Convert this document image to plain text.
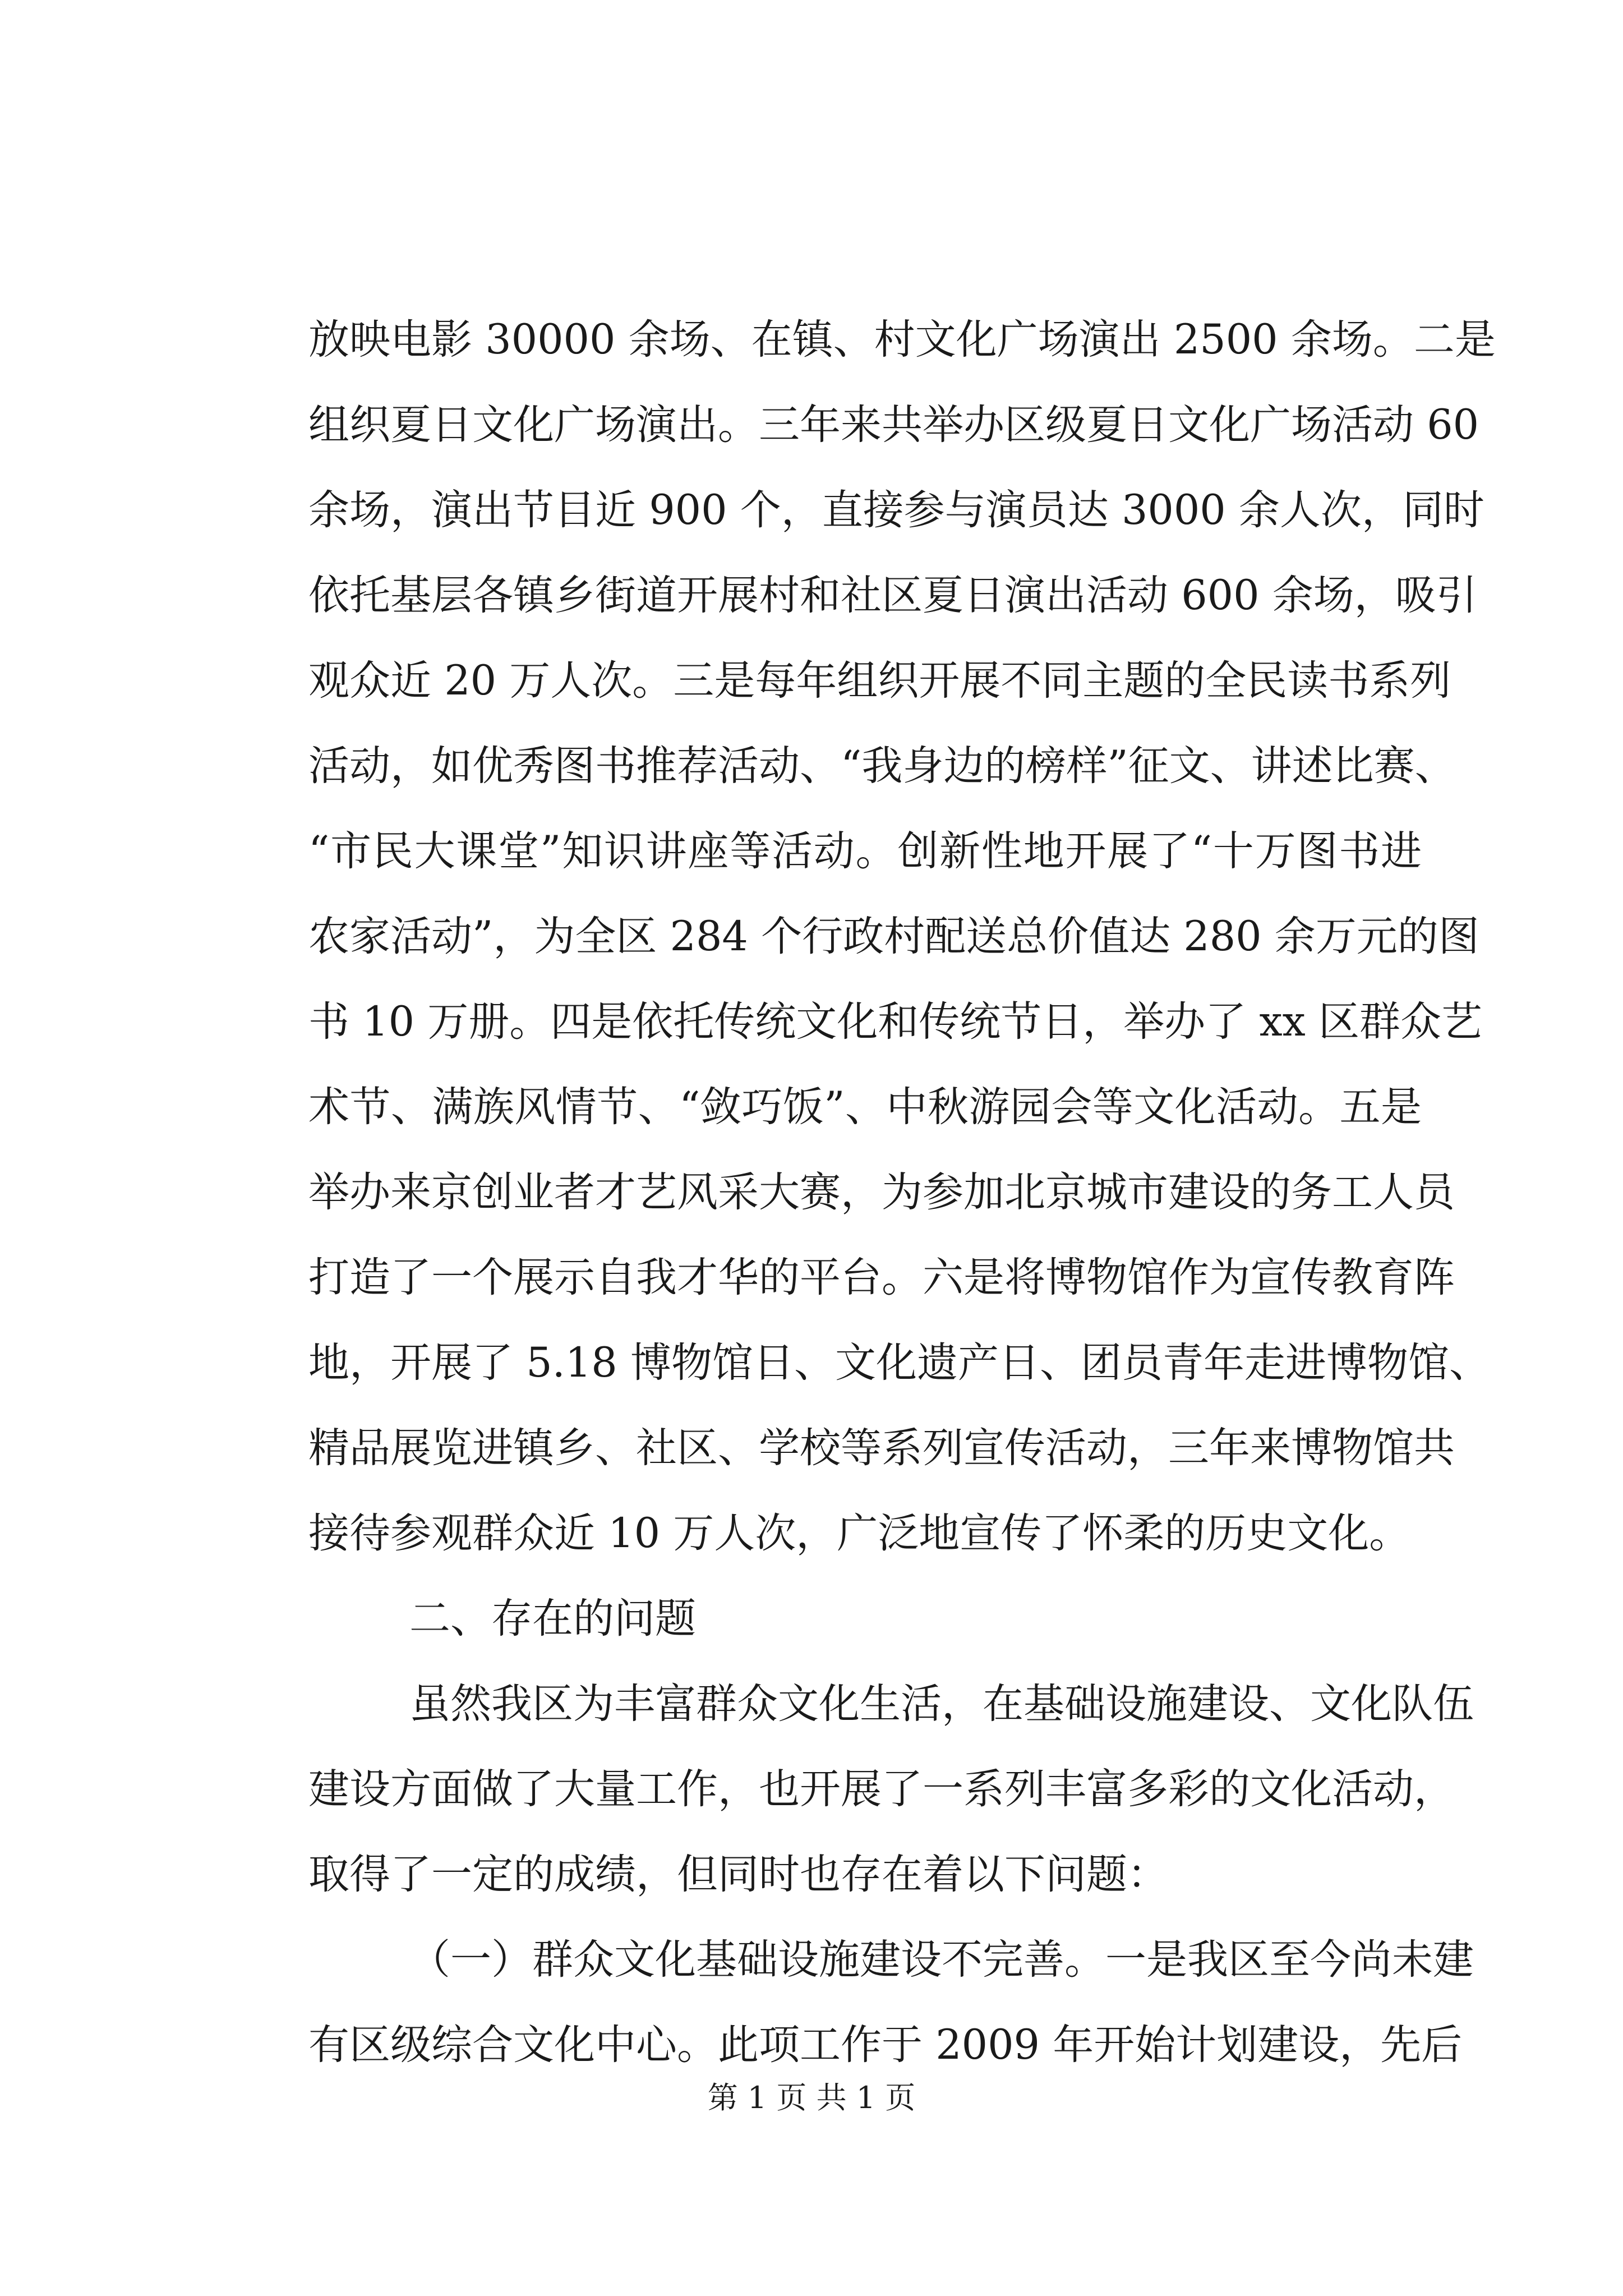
放映电影 30000 余场、在镇、村文化广场演出 2500 余场。二是
组织夏日文化广场演出。三年来共举办区级夏日文化广场活动 60
余场，演出节目近 900 个，直接参与演员达 3000 余人次，同时
依托基层各镇乡街道开展村和社区夏日演出活动 600 余场，吸引
观众近 20 万人次。三是每年组织开展不同主题的全民读书系列
活动，如优秀图书推荐活动、“我身边的榜样”征文、讲述比赛、
“市民大课堂”知识讲座等活动。创新性地开展了“十万图书进
农家活动”，为全区 284 个行政村配送总价值达 280 余万元的图
书 10 万册。四是依托传统文化和传统节日，举办了 xx 区群众艺
术节、满族风情节、“敛巧饭”、中秋游园会等文化活动。五是
举办来京创业者才艺风采大赛，为参加北京城市建设的务工人员
打造了一个展示自我才华的平台。六是将博物馆作为宣传教育阵
地，开展了 5.18 博物馆日、文化遗产日、团员青年走进博物馆、
精品展览进镇乡、社区、学校等系列宣传活动，三年来博物馆共
接待参观群众近 10 万人次，广泛地宣传了怀柔的历史文化。
二、存在的问题
虽然我区为丰富群众文化生活，在基础设施建设、文化队伍
建设方面做了大量工作，也开展了一系列丰富多彩的文化活动，
取得了一定的成绩，但同时也存在着以下问题：
（一）群众文化基础设施建设不完善。一是我区至今尚未建
有区级综合文化中心。此项工作于 2009 年开始计划建设，先后
第 1 页 共 1 页
